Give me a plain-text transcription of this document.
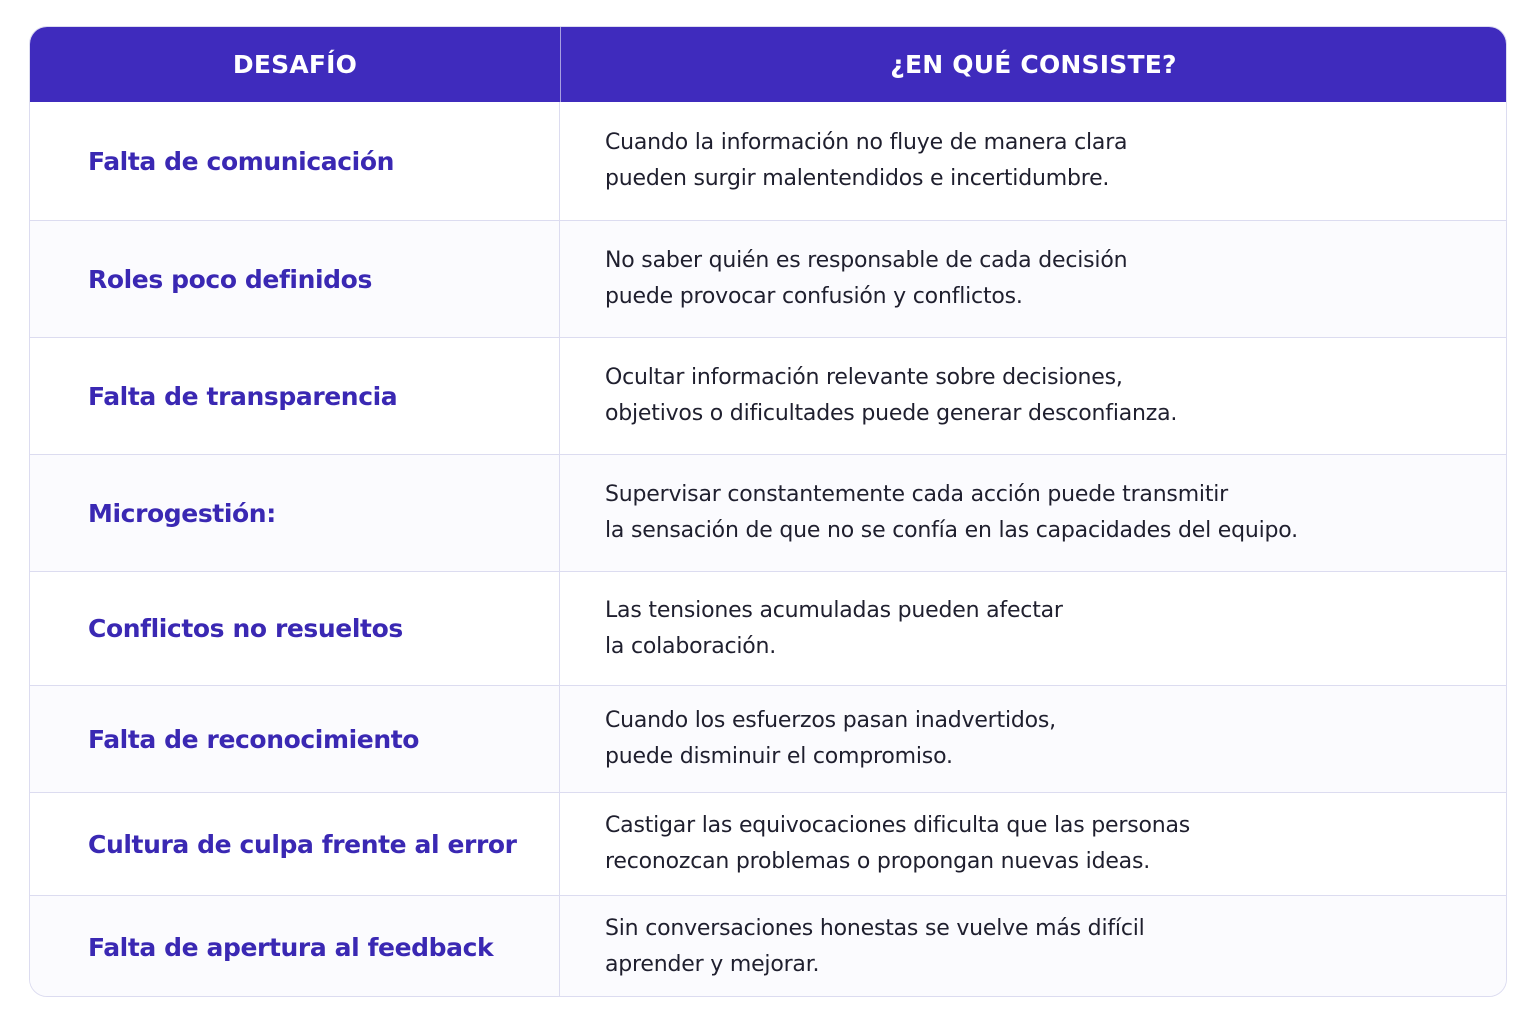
DESAFÍO	¿EN QUÉ CONSISTE?
Falta de comunicación
Cuando la información no fluye de manera clara
pueden surgir malentendidos e incertidumbre.
Roles poco definidos
No saber quién es responsable de cada decisión
puede provocar confusión y conflictos.
Falta de transparencia
Ocultar información relevante sobre decisiones,
objetivos o dificultades puede generar desconfianza.
Microgestión:
Supervisar constantemente cada acción puede transmitir
la sensación de que no se confía en las capacidades del equipo.
Conflictos no resueltos
Las tensiones acumuladas pueden afectar
la colaboración.
Falta de reconocimiento
Cuando los esfuerzos pasan inadvertidos,
puede disminuir el compromiso.
Cultura de culpa frente al error
Castigar las equivocaciones dificulta que las personas
reconozcan problemas o propongan nuevas ideas.
Falta de apertura al feedback
Sin conversaciones honestas se vuelve más difícil
aprender y mejorar.
